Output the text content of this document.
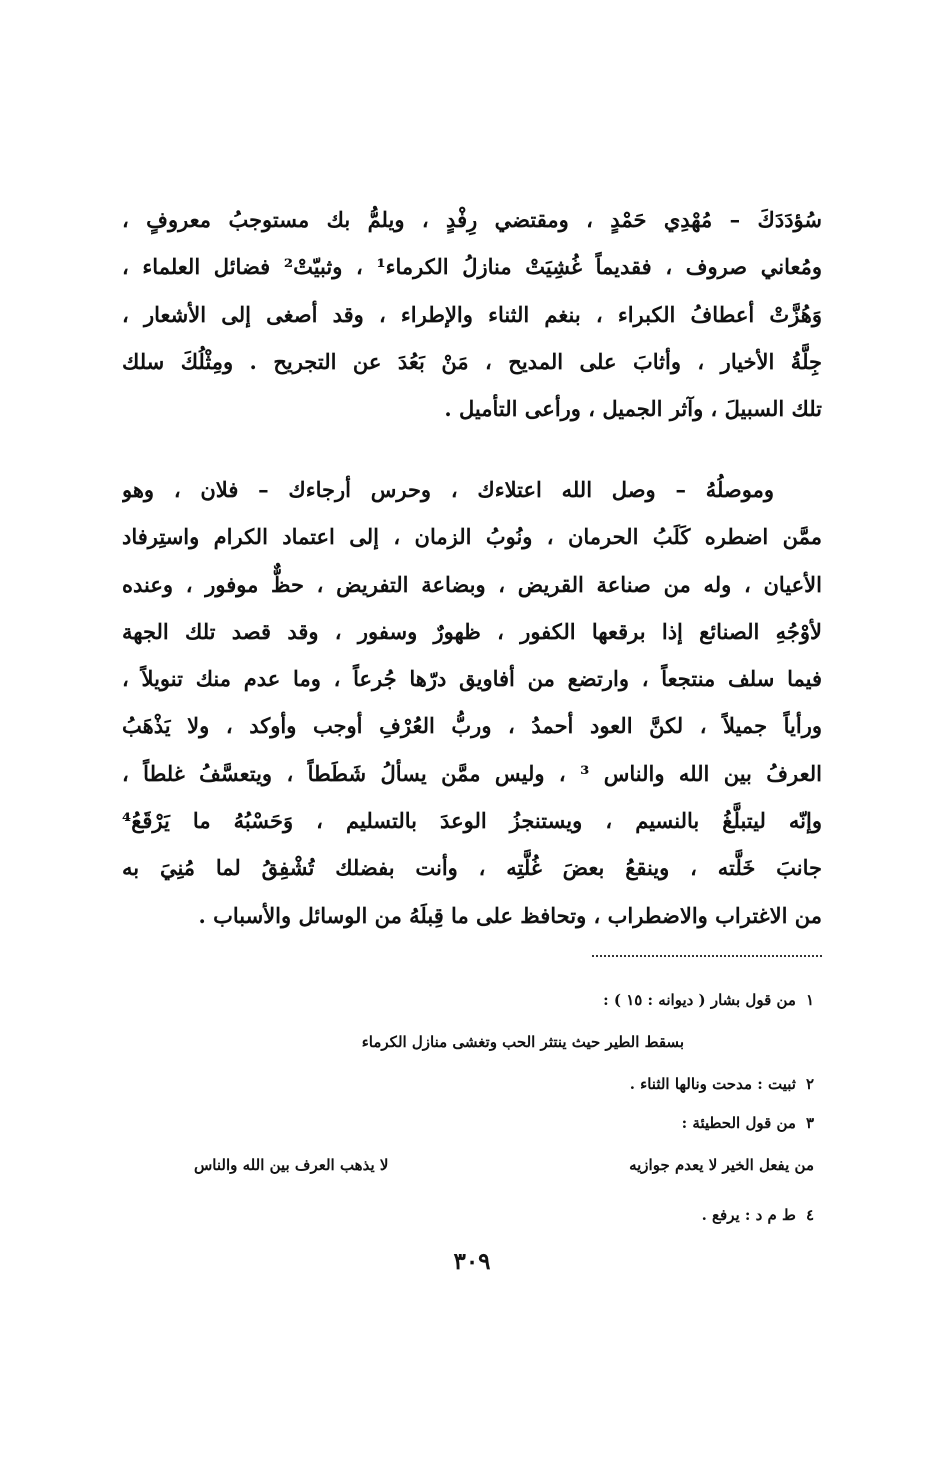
سُؤدَدَكَ – مُهْدِي حَمْدٍ ، ومقتضي رِفْدٍ ، ويلمُّ بك مستوجبُ معروفٍ ،
ومُعاني صروف ، فقديماً غُشِيَتْ منازلُ الكرماء¹ ، وثبيّتْ² فضائل العلماء ،
وَهُزَّتْ أعطافُ الكبراء ، بنغم الثناء والإطراء ، وقد أصغى إلى الأشعار ،
جِلَّةُ الأخيار ، وأثابَ على المديح ، مَنْ بَعُدَ عن التجريح . ومِثْلُكَ سلك
تلك السبيلَ ، وآثر الجميل ، ورأعى التأميل .
وموصلُهُ – وصل الله اعتلاءك ، وحرس أرجاءك – فلان ، وهو
ممَّن اضطره كَلَبُ الحرمان ، ونُوبُ الزمان ، إلى اعتماد الكرام واستِرفاد
الأعيان ، وله من صناعة القريض ، وبضاعة التفريض ، حظٌّ موفور ، وعنده
لأوْجُهِ الصنائع إذا برقعها الكفور ، ظهورٌ وسفور ، وقد قصد تلك الجهة
فيما سلف منتجعاً ، وارتضع من أفاويق درّها جُرعاً ، وما عدم منك تنويلاً ،
ورأياً جميلاً ، لكنَّ العود أحمدُ ، وربُّ العُرْفِ أوجب وأوكد ، ولا يَذْهَبُ
العرفُ بين الله والناس ³ ، وليس ممَّن يسألُ شَطَطاً ، ويتعسَّفُ غلطاً ،
وإنّه ليتبلَّغُ بالنسيم ، ويستنجزُ الوعدَ بالتسليم ، وَحَسْبُهُ ما يَرْقَعُ⁴
جانبَ خَلَّته ، وينقعُ بعضَ غُلَّتِه ، وأنت بفضلك تُشْفِقُ لما مُنِيَ به
من الاغتراب والاضطراب ، وتحافظ على ما قِبلَهُ من الوسائل والأسباب .
١من قول بشار ( ديوانه : ١٥ ) :
بسقط الطير حيث ينتثر الحب وتغشى منازل الكرماء
٢ثبيت : مدحت ونالها الثناء .
٣من قول الحطيئة :
من يفعل الخير لا يعدم جوازيه
لا يذهب العرف بين الله والناس
٤ط م د : يرفع .
٣٠٩
